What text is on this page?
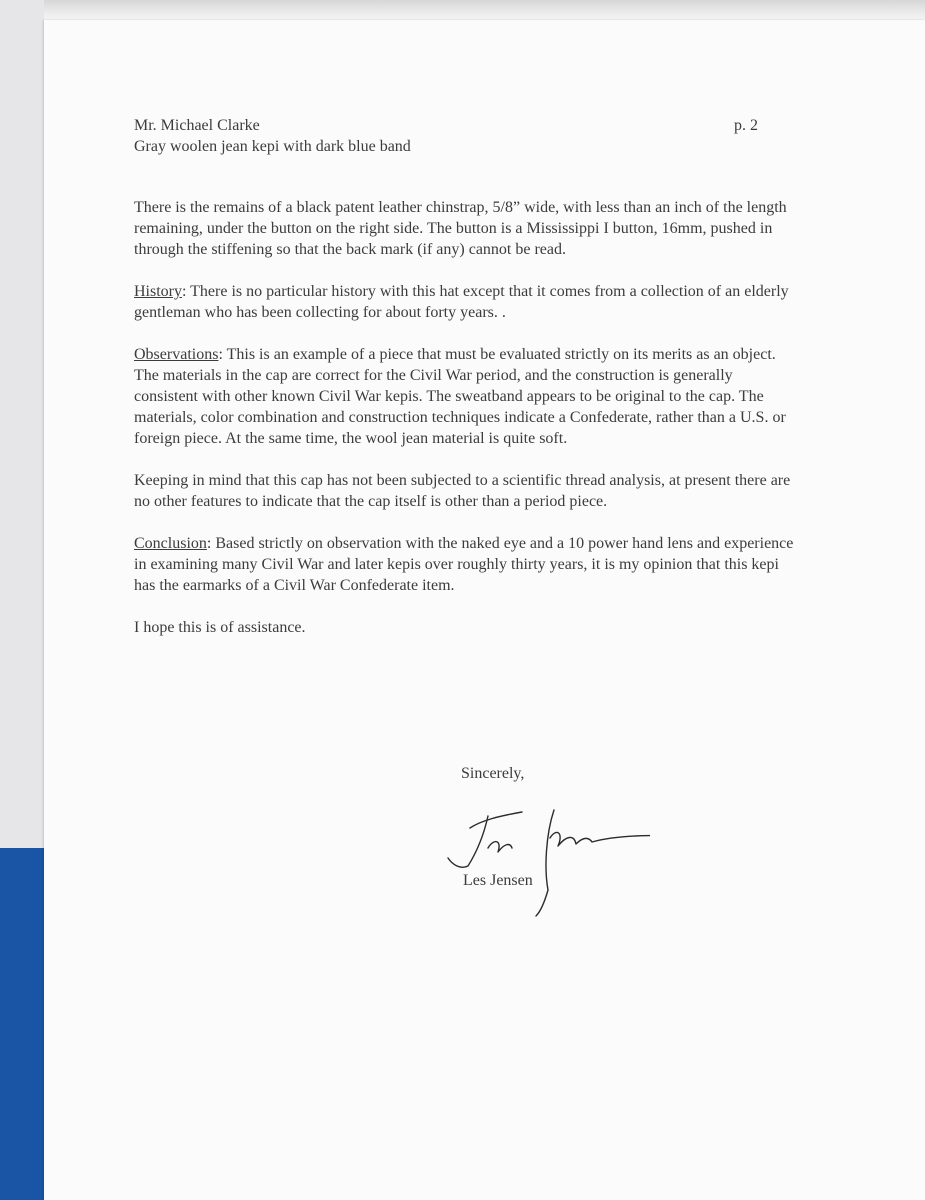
Mr. Michael Clarke
Gray woolen jean kepi with dark blue band
p. 2

There is the remains of a black patent leather chinstrap, 5/8” wide, with less than an inch of the length remaining, under the button on the right side. The button is a Mississippi I button, 16mm, pushed in through the stiffening so that the back mark (if any) cannot be read.

History: There is no particular history with this hat except that it comes from a collection of an elderly gentleman who has been collecting for about forty years. .

Observations: This is an example of a piece that must be evaluated strictly on its merits as an object. The materials in the cap are correct for the Civil War period, and the construction is generally consistent with other known Civil War kepis. The sweatband appears to be original to the cap. The materials, color combination and construction techniques indicate a Confederate, rather than a U.S. or foreign piece. At the same time, the wool jean material is quite soft.

Keeping in mind that this cap has not been subjected to a scientific thread analysis, at present there are no other features to indicate that the cap itself is other than a period piece.

Conclusion: Based strictly on observation with the naked eye and a 10 power hand lens and experience in examining many Civil War and later kepis over roughly thirty years, it is my opinion that this kepi has the earmarks of a Civil War Confederate item.

I hope this is of assistance.

Sincerely,
Les Jensen
